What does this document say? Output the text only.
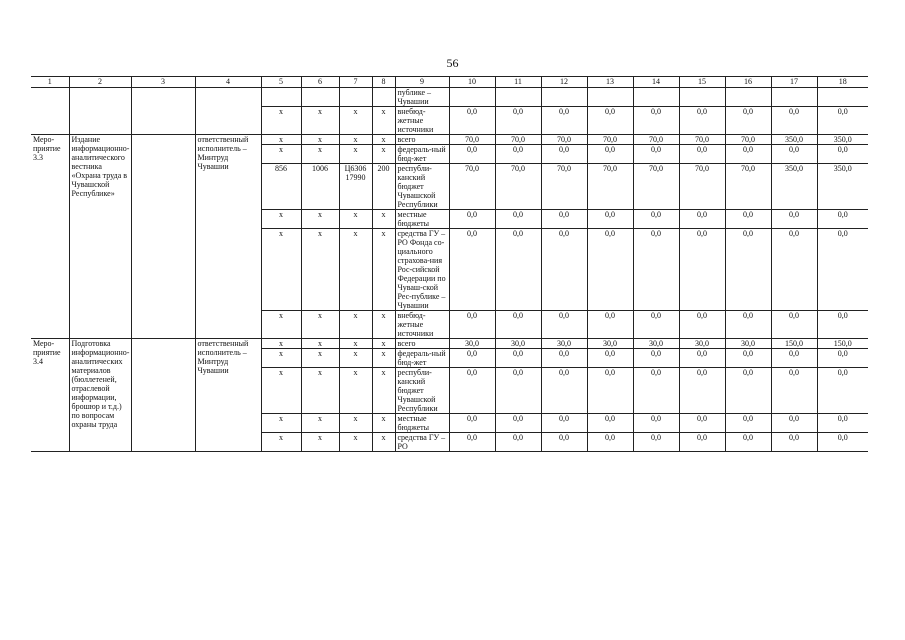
56
1	2	3	4	5	6	7	8	9	10	11	12	13	14	15	16	17	18
								публике – Чувашии									
				х	х	х	х	внебюд-жетные источники	0,0	0,0	0,0	0,0	0,0	0,0	0,0	0,0	0,0
Меро-приятие 3.3	Издание информационно-аналитического вестника «Охрана труда в Чувашской Республике»		ответственный исполнитель – Минтруд Чувашии	х	х	х	х	всего	70,0	70,0	70,0	70,0	70,0	70,0	70,0	350,0	350,0
				х	х	х	х	федераль-ный бюд-жет	0,0	0,0	0,0	0,0	0,0	0,0	0,0	0,0	0,0
				856	1006	Ц6306 17990	200	республи-канский бюджет Чувашской Республики	70,0	70,0	70,0	70,0	70,0	70,0	70,0	350,0	350,0
				х	х	х	х	местные бюджеты	0,0	0,0	0,0	0,0	0,0	0,0	0,0	0,0	0,0
				х	х	х	х	средства ГУ – РО Фонда со-циального страхова-ния Рос-сийской Федерации по Чуваш-ской Рес-публике – Чувашии	0,0	0,0	0,0	0,0	0,0	0,0	0,0	0,0	0,0
				х	х	х	х	внебюд-жетные источники	0,0	0,0	0,0	0,0	0,0	0,0	0,0	0,0	0,0
Меро-приятие 3.4	Подготовка информационно-аналитических материалов (бюллетеней, отраслевой информации, брошюр и т.д.) по вопросам охраны труда		ответственный исполнитель – Минтруд Чувашии	х	х	х	х	всего	30,0	30,0	30,0	30,0	30,0	30,0	30,0	150,0	150,0
				х	х	х	х	федераль-ный бюд-жет	0,0	0,0	0,0	0,0	0,0	0,0	0,0	0,0	0,0
				х	х	х	х	республи-канский бюджет Чувашской Республики	0,0	0,0	0,0	0,0	0,0	0,0	0,0	0,0	0,0
				х	х	х	х	местные бюджеты	0,0	0,0	0,0	0,0	0,0	0,0	0,0	0,0	0,0
				х	х	х	х	средства ГУ – РО	0,0	0,0	0,0	0,0	0,0	0,0	0,0	0,0	0,0
